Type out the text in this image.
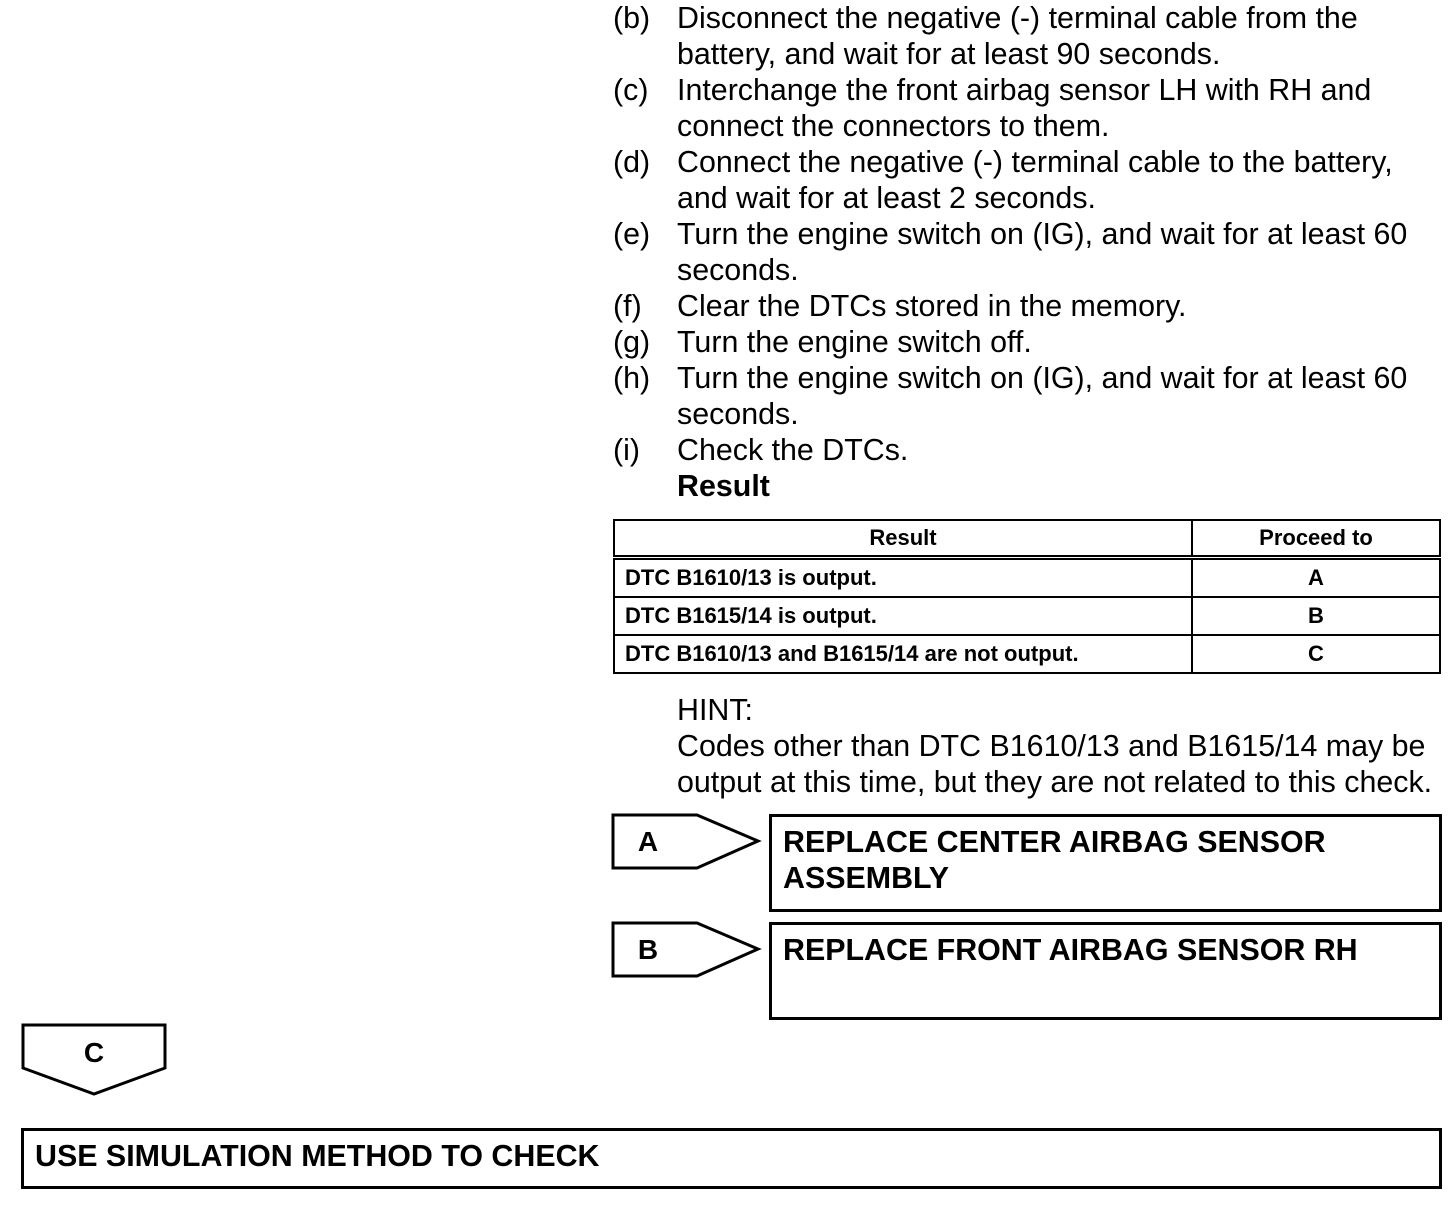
(b) Disconnect the negative (-) terminal cable from the
battery, and wait for at least 90 seconds.
(c) Interchange the front airbag sensor LH with RH and
connect the connectors to them.
(d) Connect the negative (-) terminal cable to the battery,
and wait for at least 2 seconds.
(e) Turn the engine switch on (IG), and wait for at least 60
seconds.
(f)	Clear the DTCs stored in the memory.
(g) Turn the engine switch off.
(h) Turn the engine switch on (IG), and wait for at least 60
seconds.
(i)	Check the DTCs.
Result
Result	Proceed to
DTC B1610/13 is output.	A
DTC B1615/14 is output.	B
DTC B1610/13 and B1615/14 are not output.	C
HINT:
Codes other than DTC B1610/13 and B1615/14 may be
output at this time, but they are not related to this check.
A	REPLACE CENTER AIRBAG SENSOR ASSEMBLY
B	REPLACE FRONT AIRBAG SENSOR RH
C
USE SIMULATION METHOD TO CHECK
